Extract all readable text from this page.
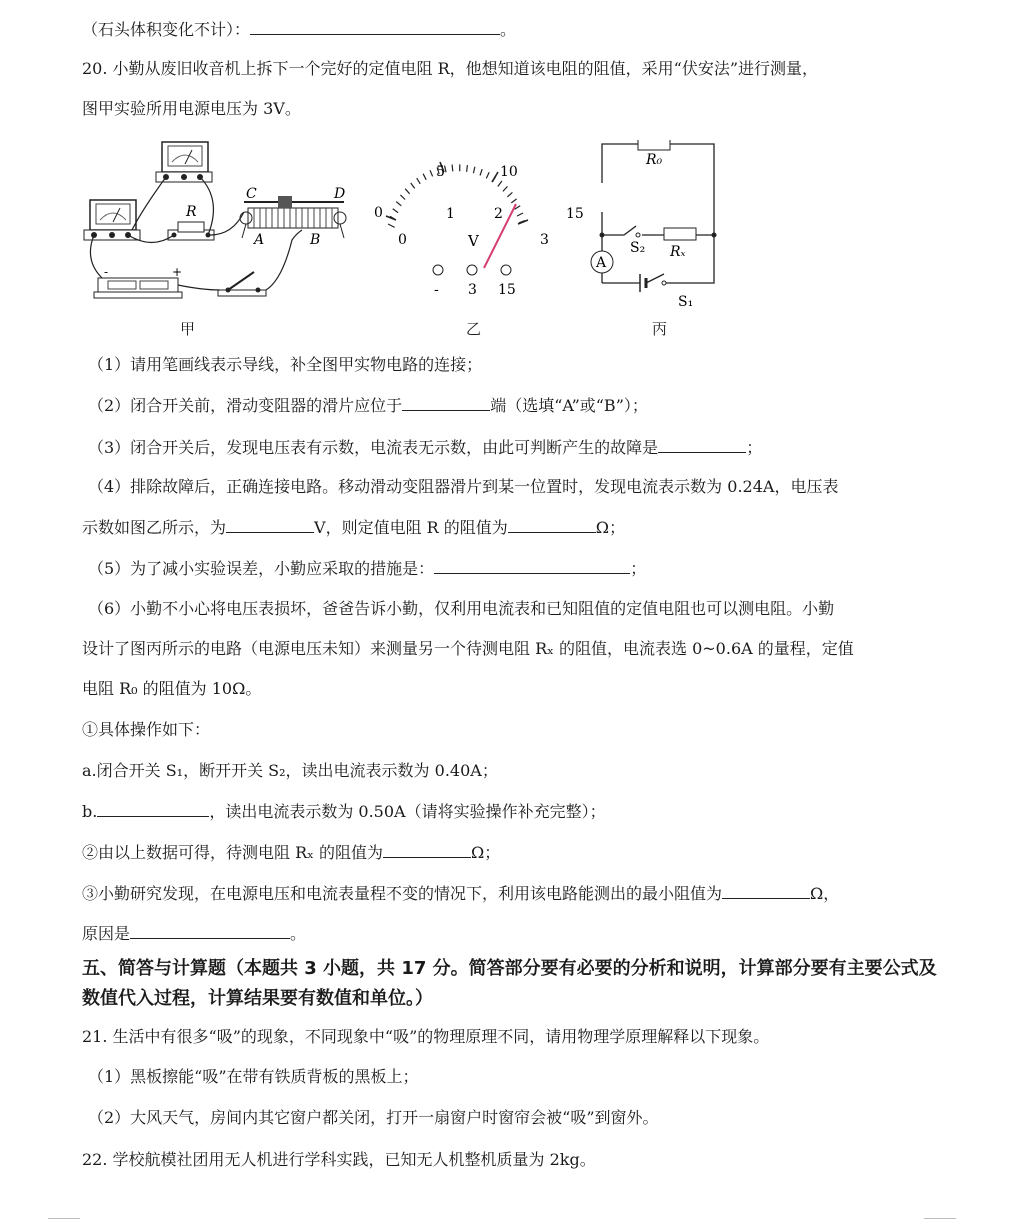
（石头体积变化不计）：	。
20. 小勤从废旧收音机上拆下一个完好的定值电阻 R，他想知道该电阻的阻值，采用“伏安法”进行测量，
图甲实验所用电源电压为 3V。
R
C	D
A	B
-	+
0
5	10
15
0
1	2
3
V
- 3 15
A
R₀
Rₓ
S₂
S₁
甲	乙	丙
（1）请用笔画线表示导线，补全图甲实物电路的连接；
（2）闭合开关前，滑动变阻器的滑片应位于	端（选填“A”或“B”）；
（3）闭合开关后，发现电压表有示数，电流表无示数，由此可判断产生的故障是	；
（4）排除故障后，正确连接电路。移动滑动变阻器滑片到某一位置时，发现电流表示数为 0.24A，电压表
示数如图乙所示，为	V，则定值电阻 R 的阻值为	Ω；
（5）为了减小实验误差，小勤应采取的措施是：	；
（6）小勤不小心将电压表损坏，爸爸告诉小勤，仅利用电流表和已知阻值的定值电阻也可以测电阻。小勤
设计了图丙所示的电路（电源电压未知）来测量另一个待测电阻 Rₓ 的阻值，电流表选 0~0.6A 的量程，定值
电阻 R₀ 的阻值为 10Ω。
①具体操作如下：
a.闭合开关 S₁，断开开关 S₂，读出电流表示数为 0.40A；
b.	，读出电流表示数为 0.50A（请将实验操作补充完整）；
②由以上数据可得，待测电阻 Rₓ 的阻值为	Ω；
③小勤研究发现，在电源电压和电流表量程不变的情况下，利用该电路能测出的最小阻值为	Ω，
原因是	。
五、简答与计算题（本题共 3 小题，共 17 分。简答部分要有必要的分析和说明，计算部分要有主要公式及数值代入过程，计算结果要有数值和单位。）
21. 生活中有很多“吸”的现象，不同现象中“吸”的物理原理不同，请用物理学原理解释以下现象。
（1）黑板擦能“吸”在带有铁质背板的黑板上；
（2）大风天气，房间内其它窗户都关闭，打开一扇窗户时窗帘会被“吸”到窗外。
22. 学校航模社团用无人机进行学科实践，已知无人机整机质量为 2kg。
